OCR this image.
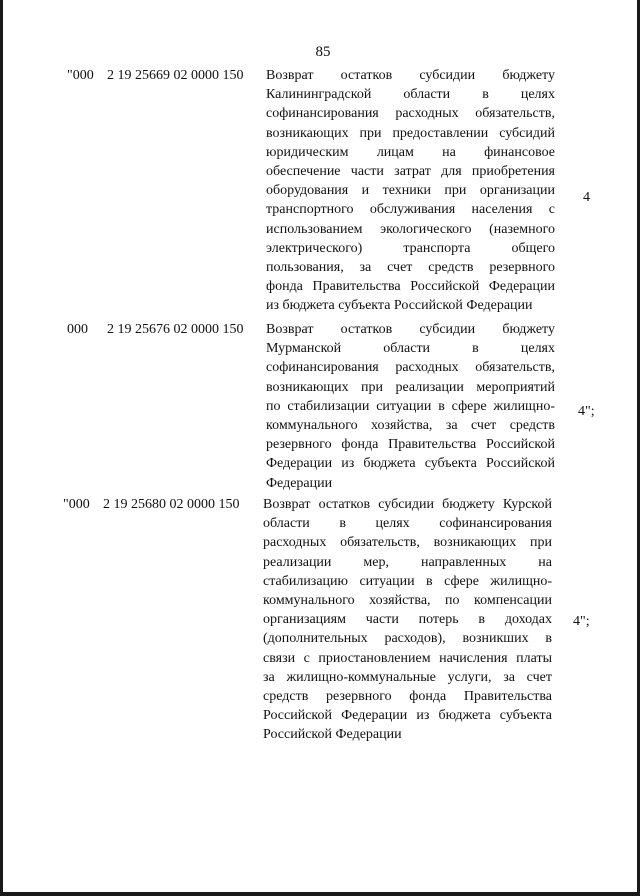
85
"000 2 19 25669 02 0000 150	Возврат остатков субсидии бюджету
Калининградской области в целях
софинансирования расходных обязательств,
возникающих при предоставлении субсидий
юридическим лицам на финансовое
обеспечение части затрат для приобретения
оборудования и техники при организации
транспортного обслуживания населения с
использованием экологического (наземного
электрического) транспорта общего
пользования, за счет средств резервного
фонда Правительства Российской Федерации
из бюджета субъекта Российской Федерации
4
000 2 19 25676 02 0000 150	Возврат остатков субсидии бюджету
Мурманской области в целях
софинансирования расходных обязательств,
возникающих при реализации мероприятий
по стабилизации ситуации в сфере жилищно-
коммунального хозяйства, за счет средств
резервного фонда Правительства Российской
Федерации из бюджета субъекта Российской
Федерации
4";
"000 2 19 25680 02 0000 150	Возврат остатков субсидии бюджету Курской
области в целях софинансирования
расходных обязательств, возникающих при
реализации мер, направленных на
стабилизацию ситуации в сфере жилищно-
коммунального хозяйства, по компенсации
организациям части потерь в доходах
(дополнительных расходов), возникших в
связи с приостановлением начисления платы
за жилищно-коммунальные услуги, за счет
средств резервного фонда Правительства
Российской Федерации из бюджета субъекта
Российской Федерации
4";
